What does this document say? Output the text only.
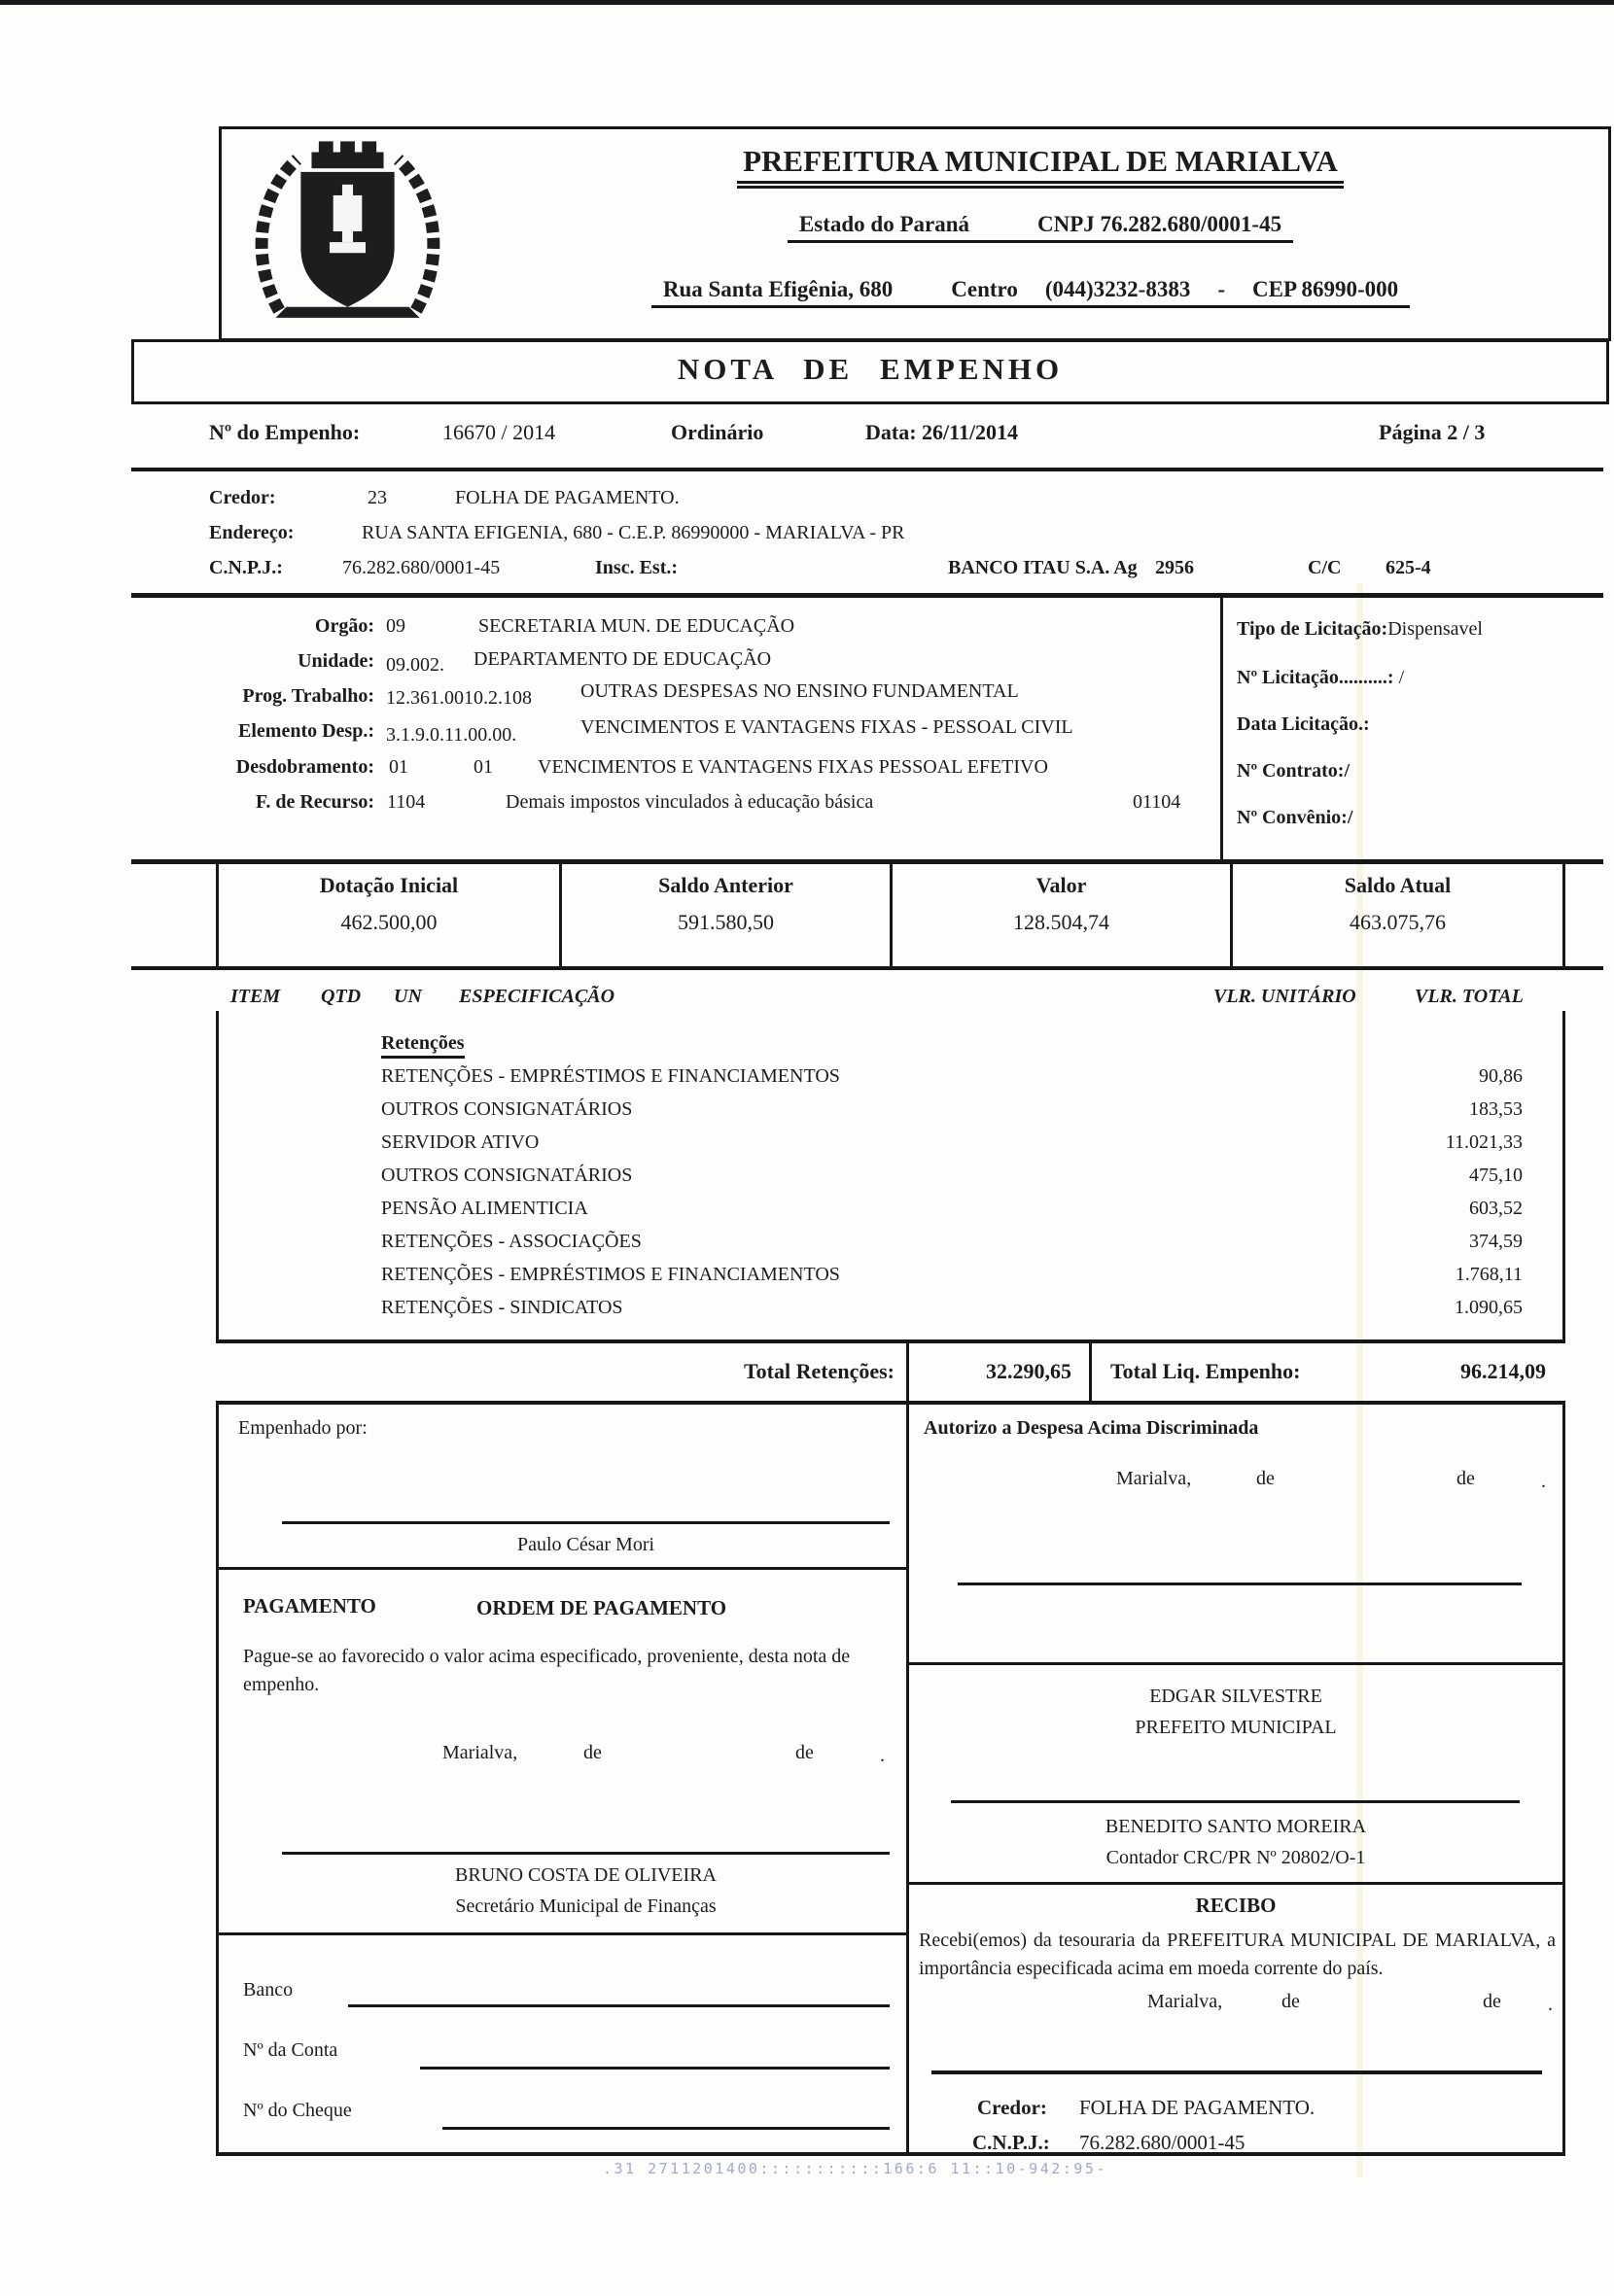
PREFEITURA MUNICIPAL DE MARIALVA
Estado do Paraná	CNPJ 76.282.680/0001-45
Rua Santa Efigênia, 680	Centro (044)3232-8383 - CEP 86990-000
NOTA DE EMPENHO
Nº do Empenho:	16670 / 2014	Ordinário	Data: 26/11/2014	Página 2 / 3
Credor:	23	FOLHA DE PAGAMENTO.
Endereço:	RUA SANTA EFIGENIA, 680 - C.E.P. 86990000 - MARIALVA - PR
C.N.P.J.:	76.282.680/0001-45	Insc. Est.:	BANCO ITAU S.A. Ag 2956	C/C 625-4
Orgão: 09	SECRETARIA MUN. DE EDUCAÇÃO
Unidade: 09.002. DEPARTAMENTO DE EDUCAÇÃO
Prog. Trabalho: 12.361.0010.2.108	OUTRAS DESPESAS NO ENSINO FUNDAMENTAL
Elemento Desp.: 3.1.9.0.11.00.00.	VENCIMENTOS E VANTAGENS FIXAS - PESSOAL CIVIL
Desdobramento: 01	01 VENCIMENTOS E VANTAGENS FIXAS PESSOAL EFETIVO
F. de Recurso: 1104	Demais impostos vinculados à educação básica	01104
Tipo de Licitação:Dispensavel
Nº Licitação..........: /
Data Licitação.:
Nº Contrato:/
Nº Convênio:/
Dotação Inicial	Saldo Anterior	Valor	Saldo Atual
462.500,00	591.580,50	128.504,74	463.075,76
ITEM QTD UN ESPECIFICAÇÃO	VLR. UNITÁRIO	VLR. TOTAL
Retenções
RETENÇÕES - EMPRÉSTIMOS E FINANCIAMENTOS	90,86
OUTROS CONSIGNATÁRIOS	183,53
SERVIDOR ATIVO	11.021,33
OUTROS CONSIGNATÁRIOS	475,10
PENSÃO ALIMENTICIA	603,52
RETENÇÕES - ASSOCIAÇÕES	374,59
RETENÇÕES - EMPRÉSTIMOS E FINANCIAMENTOS	1.768,11
RETENÇÕES - SINDICATOS	1.090,65
Total Retenções:	32.290,65 Total Liq. Empenho:	96.214,09
Empenhado por:
Paulo César Mori
PAGAMENTO	ORDEM DE PAGAMENTO
Pague-se ao favorecido o valor acima especificado, proveniente, desta nota de empenho.
Marialva,	de	de	.
BRUNO COSTA DE OLIVEIRA
Secretário Municipal de Finanças
Banco
Nº da Conta
Nº do Cheque
Autorizo a Despesa Acima Discriminada
Marialva,	de	de	.
EDGAR SILVESTRE
PREFEITO MUNICIPAL
BENEDITO SANTO MOREIRA
Contador CRC/PR Nº 20802/O-1
RECIBO
Recebi(emos) da tesouraria da PREFEITURA MUNICIPAL DE MARIALVA, a importância especificada acima em moeda corrente do país.
Marialva,	de	de .
Credor: FOLHA DE PAGAMENTO.
C.N.P.J.: 76.282.680/0001-45
.31 2711201400:::::::::::166:6 11::10-942:95-
